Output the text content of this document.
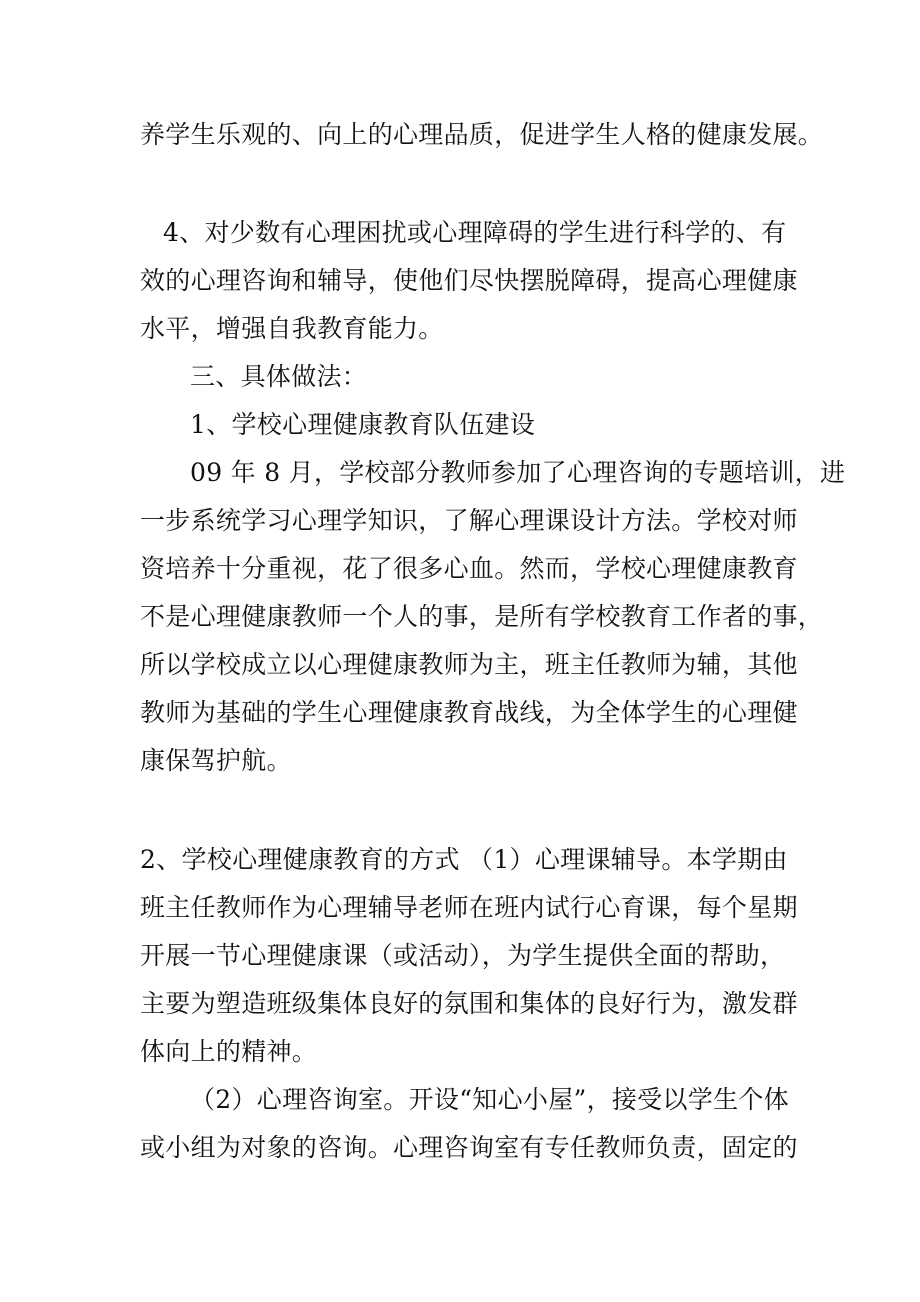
养学生乐观的、向上的心理品质，促进学生人格的健康发展。
4、对少数有心理困扰或心理障碍的学生进行科学的、有
效的心理咨询和辅导，使他们尽快摆脱障碍，提高心理健康
水平，增强自我教育能力。
三、具体做法：
1、学校心理健康教育队伍建设
09 年 8 月，学校部分教师参加了心理咨询的专题培训，进
一步系统学习心理学知识，了解心理课设计方法。学校对师
资培养十分重视，花了很多心血。然而，学校心理健康教育
不是心理健康教师一个人的事，是所有学校教育工作者的事，
所以学校成立以心理健康教师为主，班主任教师为辅，其他
教师为基础的学生心理健康教育战线，为全体学生的心理健
康保驾护航。
2、学校心理健康教育的方式 （1）心理课辅导。本学期由
班主任教师作为心理辅导老师在班内试行心育课，每个星期
开展一节心理健康课（或活动），为学生提供全面的帮助，
主要为塑造班级集体良好的氛围和集体的良好行为，激发群
体向上的精神。
（2）心理咨询室。开设“知心小屋”，接受以学生个体
或小组为对象的咨询。心理咨询室有专任教师负责，固定的
